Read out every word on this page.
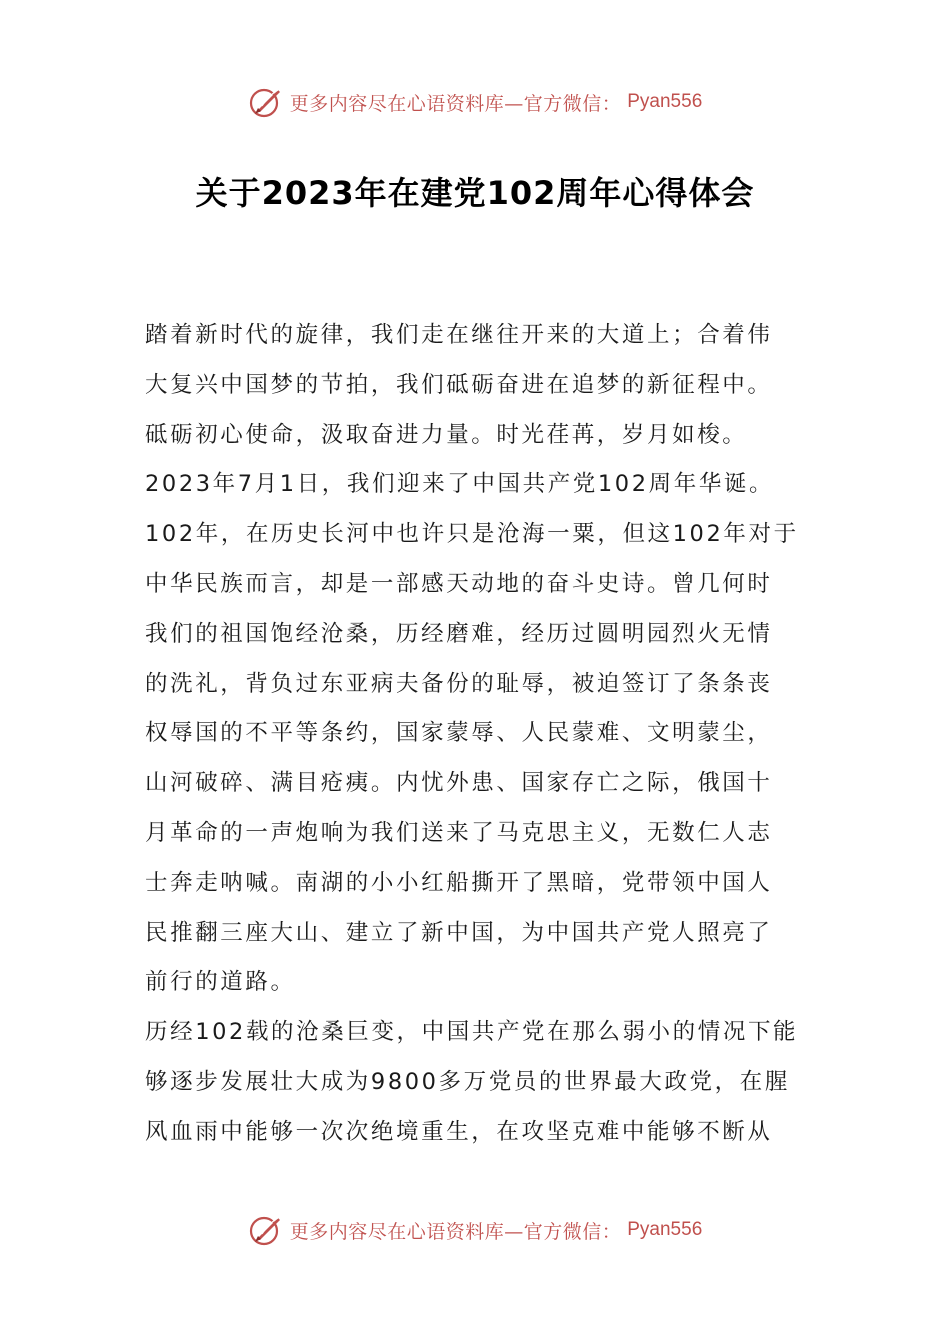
更多内容尽在心语资料库—官方微信： Pyan556
关于2023年在建党102周年心得体会
踏着新时代的旋律，我们走在继往开来的大道上；合着伟
大复兴中国梦的节拍，我们砥砺奋进在追梦的新征程中。
砥砺初心使命，汲取奋进力量。时光荏苒，岁月如梭。
2023年7月1日，我们迎来了中国共产党102周年华诞。
102年，在历史长河中也许只是沧海一粟，但这102年对于
中华民族而言，却是一部感天动地的奋斗史诗。曾几何时
我们的祖国饱经沧桑，历经磨难，经历过圆明园烈火无情
的洗礼，背负过东亚病夫备份的耻辱，被迫签订了条条丧
权辱国的不平等条约，国家蒙辱、人民蒙难、文明蒙尘，
山河破碎、满目疮痍。内忧外患、国家存亡之际，俄国十
月革命的一声炮响为我们送来了马克思主义，无数仁人志
士奔走呐喊。南湖的小小红船撕开了黑暗，党带领中国人
民推翻三座大山、建立了新中国，为中国共产党人照亮了
前行的道路。
历经102载的沧桑巨变，中国共产党在那么弱小的情况下能
够逐步发展壮大成为9800多万党员的世界最大政党，在腥
风血雨中能够一次次绝境重生，在攻坚克难中能够不断从
更多内容尽在心语资料库—官方微信： Pyan556
